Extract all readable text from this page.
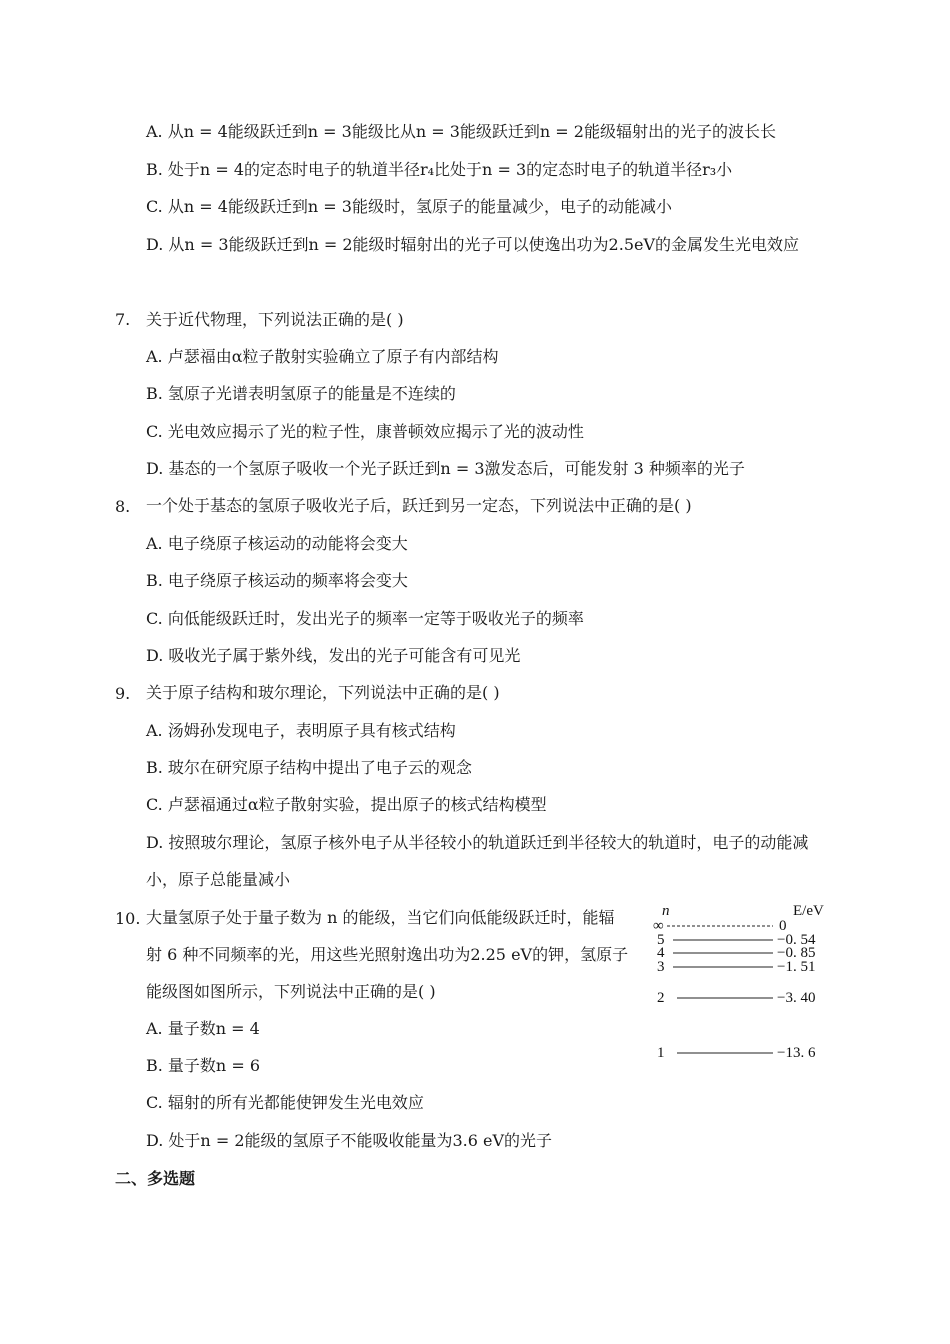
A. 从n = 4能级跃迁到n = 3能级比从n = 3能级跃迁到n = 2能级辐射出的光子的波长长
B. 处于n = 4的定态时电子的轨道半径r₄比处于n = 3的定态时电子的轨道半径r₃小
C. 从n = 4能级跃迁到n = 3能级时，氢原子的能量减少，电子的动能减小
D. 从n = 3能级跃迁到n = 2能级时辐射出的光子可以使逸出功为2.5eV的金属发生光电效应
7. 关于近代物理，下列说法正确的是( )
A. 卢瑟福由α粒子散射实验确立了原子有内部结构
B. 氢原子光谱表明氢原子的能量是不连续的
C. 光电效应揭示了光的粒子性，康普顿效应揭示了光的波动性
D. 基态的一个氢原子吸收一个光子跃迁到n = 3激发态后，可能发射 3 种频率的光子
8. 一个处于基态的氢原子吸收光子后，跃迁到另一定态，下列说法中正确的是( )
A. 电子绕原子核运动的动能将会变大
B. 电子绕原子核运动的频率将会变大
C. 向低能级跃迁时，发出光子的频率一定等于吸收光子的频率
D. 吸收光子属于紫外线，发出的光子可能含有可见光
9. 关于原子结构和玻尔理论，下列说法中正确的是( )
A. 汤姆孙发现电子，表明原子具有核式结构
B. 玻尔在研究原子结构中提出了电子云的观念
C. 卢瑟福通过α粒子散射实验，提出原子的核式结构模型
D. 按照玻尔理论，氢原子核外电子从半径较小的轨道跃迁到半径较大的轨道时，电子的动能减
小，原子总能量减小
10. 大量氢原子处于量子数为 n 的能级，当它们向低能级跃迁时，能辐
射 6 种不同频率的光，用这些光照射逸出功为2.25 eV的钾，氢原子
能级图如图所示，下列说法中正确的是( )
A. 量子数n = 4
B. 量子数n = 6
C. 辐射的所有光都能使钾发生光电效应
D. 处于n = 2能级的氢原子不能吸收能量为3.6 eV的光子
n	E/eV
∞	0
5	−0. 54
4	−0. 85
3	−1. 51
2	−3. 40
1	−13. 6
二、多选题
